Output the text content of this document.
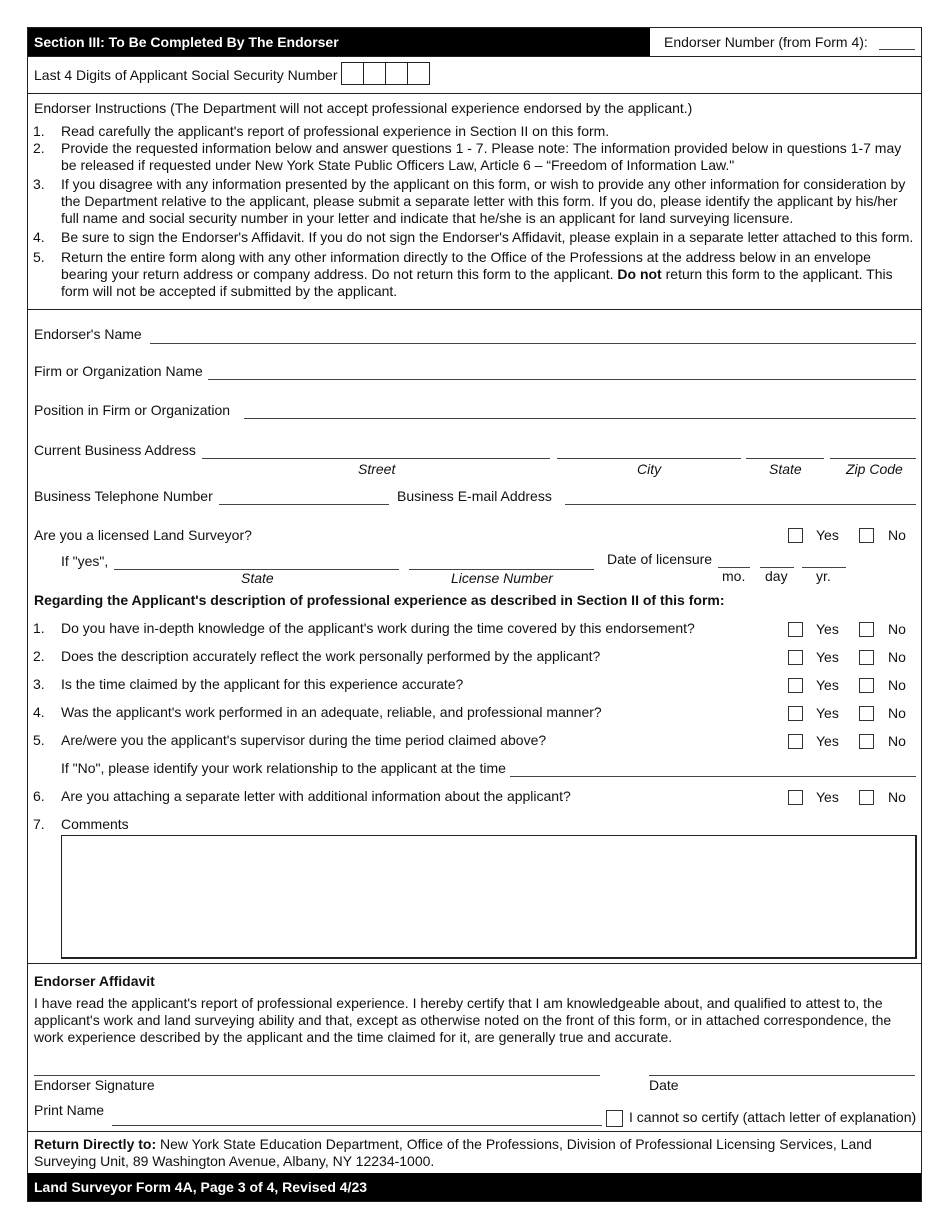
Section III: To Be Completed By The Endorser	Endorser Number (from Form 4):
Last 4 Digits of Applicant Social Security Number
Endorser Instructions (The Department will not accept professional experience endorsed by the applicant.)
1. Read carefully the applicant's report of professional experience in Section II on this form.
2. Provide the requested information below and answer questions 1 - 7. Please note: The information provided below in questions 1-7 may be released if requested under New York State Public Officers Law, Article 6 – “Freedom of Information Law."
3. If you disagree with any information presented by the applicant on this form, or wish to provide any other information for consideration by the Department relative to the applicant, please submit a separate letter with this form. If you do, please identify the applicant by his/her full name and social security number in your letter and indicate that he/she is an applicant for land surveying licensure.
4. Be sure to sign the Endorser's Affidavit. If you do not sign the Endorser's Affidavit, please explain in a separate letter attached to this form.
5. Return the entire form along with any other information directly to the Office of the Professions at the address below in an envelope bearing your return address or company address. Do not return this form to the applicant. Do not return this form to the applicant. This form will not be accepted if submitted by the applicant.
Endorser's Name
Firm or Organization Name
Position in Firm or Organization
Current Business Address
Street	City	State	Zip Code
Business Telephone Number	Business E-mail Address
Are you a licensed Land Surveyor?	Yes	No
If "yes",
State	License Number
Date of licensure
mo. day yr.
Regarding the Applicant's description of professional experience as described in Section II of this form:
1. Do you have in-depth knowledge of the applicant's work during the time covered by this endorsement?	Yes	No
2. Does the description accurately reflect the work personally performed by the applicant?	Yes	No
3. Is the time claimed by the applicant for this experience accurate?	Yes	No
4. Was the applicant's work performed in an adequate, reliable, and professional manner?	Yes	No
5. Are/were you the applicant's supervisor during the time period claimed above?	Yes	No
If "No", please identify your work relationship to the applicant at the time
6. Are you attaching a separate letter with additional information about the applicant?	Yes	No
7. Comments
Endorser Affidavit
I have read the applicant's report of professional experience. I hereby certify that I am knowledgeable about, and qualified to attest to, the applicant's work and land surveying ability and that, except as otherwise noted on the front of this form, or in attached correspondence, the work experience described by the applicant and the time claimed for it, are generally true and accurate.
Endorser Signature	Date
Print Name	I cannot so certify (attach letter of explanation)
Return Directly to: New York State Education Department, Office of the Professions, Division of Professional Licensing Services, Land Surveying Unit, 89 Washington Avenue, Albany, NY 12234-1000.
Land Surveyor Form 4A, Page 3 of 4, Revised 4/23
